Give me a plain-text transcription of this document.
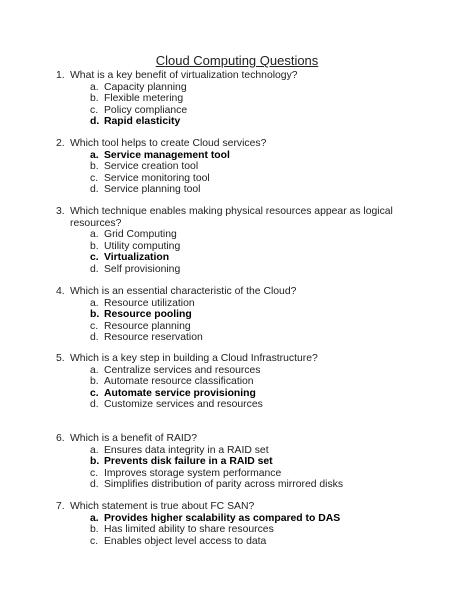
Cloud Computing Questions
1. What is a key benefit of virtualization technology?
a. Capacity planning
b. Flexible metering
c. Policy compliance
d. Rapid elasticity
2. Which tool helps to create Cloud services?
a. Service management tool
b. Service creation tool
c. Service monitoring tool
d. Service planning tool
3. Which technique enables making physical resources appear as logical
resources?
a. Grid Computing
b. Utility computing
c. Virtualization
d. Self provisioning
4. Which is an essential characteristic of the Cloud?
a. Resource utilization
b. Resource pooling
c. Resource planning
d. Resource reservation
5. Which is a key step in building a Cloud Infrastructure?
a. Centralize services and resources
b. Automate resource classification
c. Automate service provisioning
d. Customize services and resources
6. Which is a benefit of RAID?
a. Ensures data integrity in a RAID set
b. Prevents disk failure in a RAID set
c. Improves storage system performance
d. Simplifies distribution of parity across mirrored disks
7. Which statement is true about FC SAN?
a. Provides higher scalability as compared to DAS
b. Has limited ability to share resources
c. Enables object level access to data
